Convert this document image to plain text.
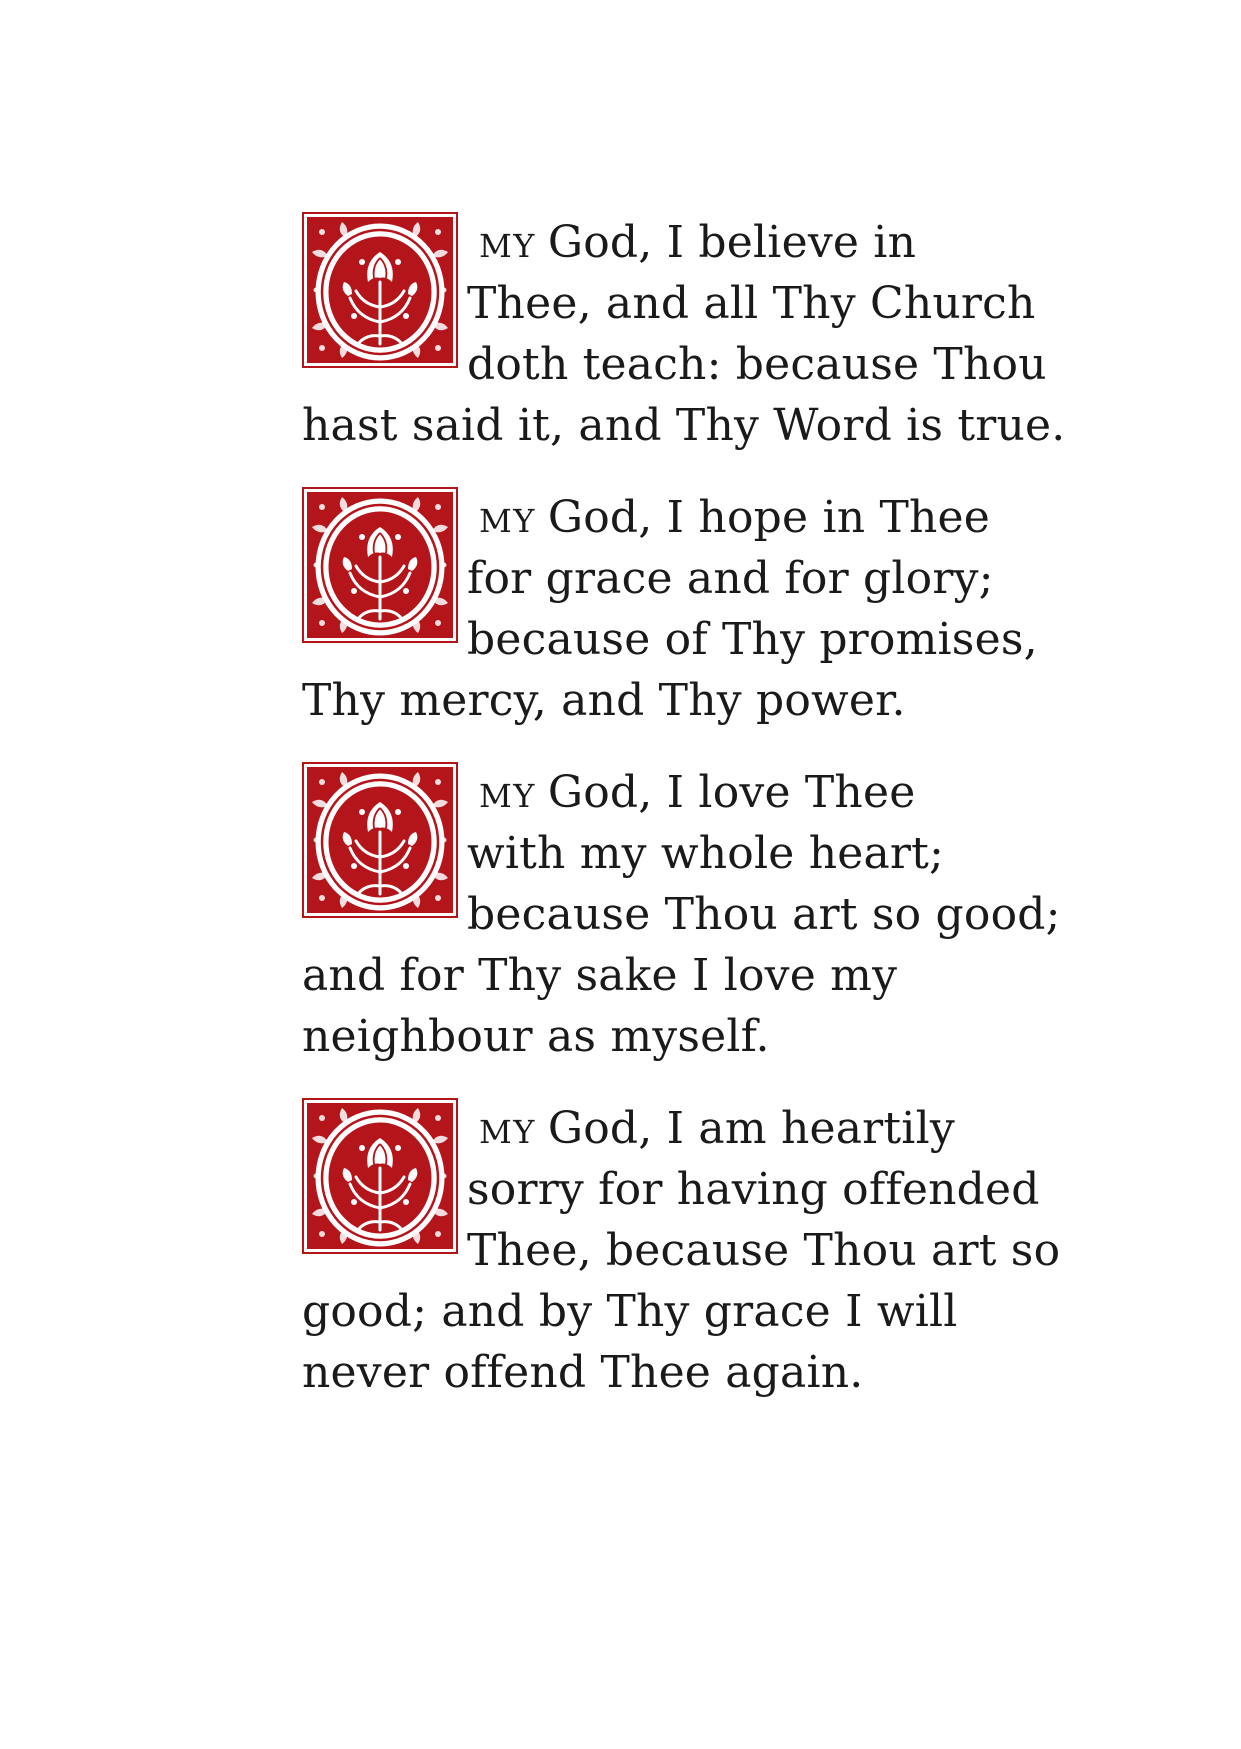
MY God, I believe in
Thee, and all Thy Church
doth teach: because Thou
hast said it, and Thy Word is true.
MY God, I hope in Thee
for grace and for glory;
because of Thy promises,
Thy mercy, and Thy power.
MY God, I love Thee
with my whole heart;
because Thou art so good;
and for Thy sake I love my
neighbour as myself.
MY God, I am heartily
sorry for having offended
Thee, because Thou art so
good; and by Thy grace I will
never offend Thee again.
